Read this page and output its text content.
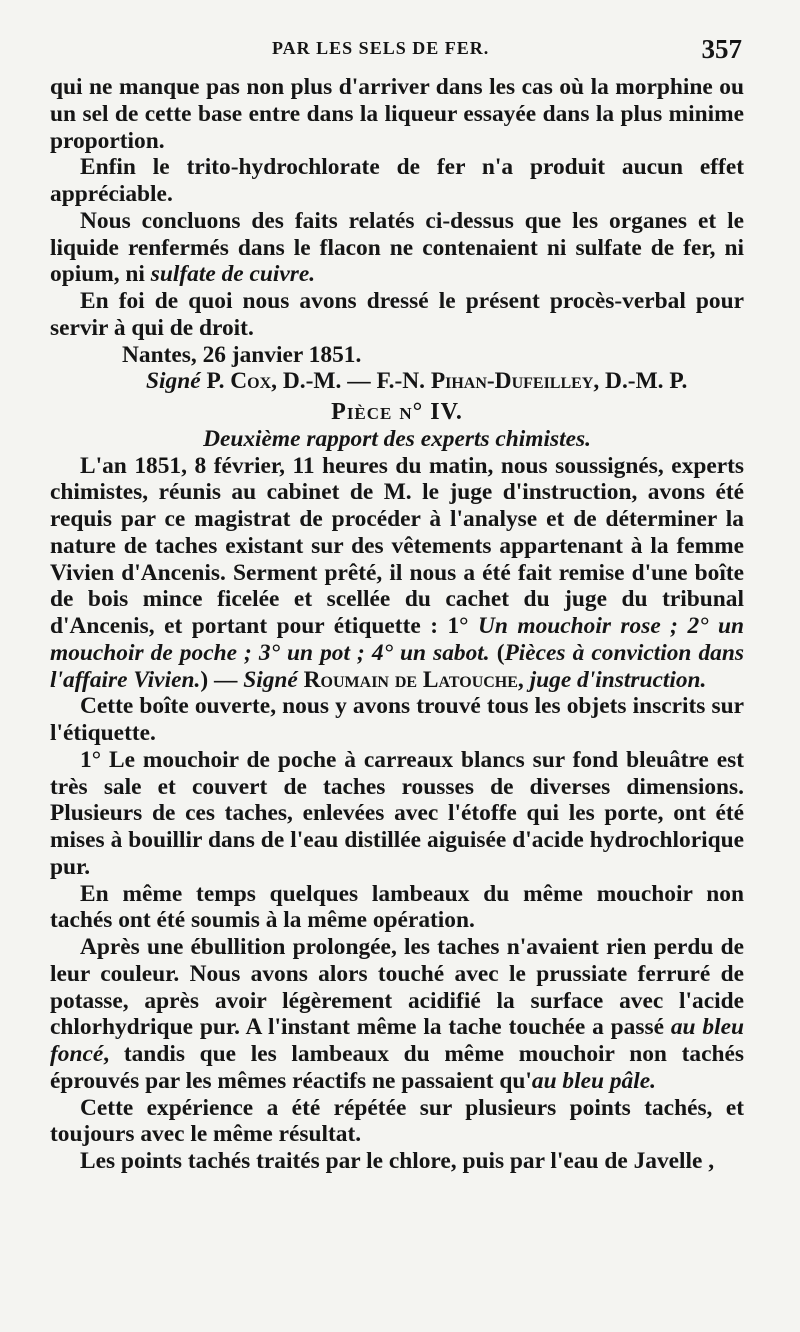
PAR LES SELS DE FER.	357

qui ne manque pas non plus d'arriver dans les cas où la morphine ou un sel de cette base entre dans la liqueur essayée dans la plus minime proportion.

Enfin le trito-hydrochlorate de fer n'a produit aucun effet appréciable.

Nous concluons des faits relatés ci-dessus que les organes et le liquide renfermés dans le flacon ne contenaient ni sulfate de fer, ni opium, ni sulfate de cuivre.

En foi de quoi nous avons dressé le présent procès-verbal pour servir à qui de droit.

Nantes, 26 janvier 1851.

Signé P. Cox, D.-M. — F.-N. Pihan-Dufeilley, D.-M. P.

Pièce n° IV.

Deuxième rapport des experts chimistes.

L'an 1851, 8 février, 11 heures du matin, nous soussignés, experts chimistes, réunis au cabinet de M. le juge d'instruction, avons été requis par ce magistrat de procéder à l'analyse et de déterminer la nature de taches existant sur des vêtements appartenant à la femme Vivien d'Ancenis. Serment prêté, il nous a été fait remise d'une boîte de bois mince ficelée et scellée du cachet du juge du tribunal d'Ancenis, et portant pour étiquette : 1° Un mouchoir rose ; 2° un mouchoir de poche ; 3° un pot ; 4° un sabot. (Pièces à conviction dans l'affaire Vivien.) — Signé Roumain de Latouche, juge d'instruction.

Cette boîte ouverte, nous y avons trouvé tous les objets inscrits sur l'étiquette.

1° Le mouchoir de poche à carreaux blancs sur fond bleuâtre est très sale et couvert de taches rousses de diverses dimensions. Plusieurs de ces taches, enlevées avec l'étoffe qui les porte, ont été mises à bouillir dans de l'eau distillée aiguisée d'acide hydrochlorique pur.

En même temps quelques lambeaux du même mouchoir non tachés ont été soumis à la même opération.

Après une ébullition prolongée, les taches n'avaient rien perdu de leur couleur. Nous avons alors touché avec le prussiate ferruré de potasse, après avoir légèrement acidifié la surface avec l'acide chlorhydrique pur. A l'instant même la tache touchée a passé au bleu foncé, tandis que les lambeaux du même mouchoir non tachés éprouvés par les mêmes réactifs ne passaient qu'au bleu pâle.

Cette expérience a été répétée sur plusieurs points tachés, et toujours avec le même résultat.

Les points tachés traités par le chlore, puis par l'eau de Javelle ,
